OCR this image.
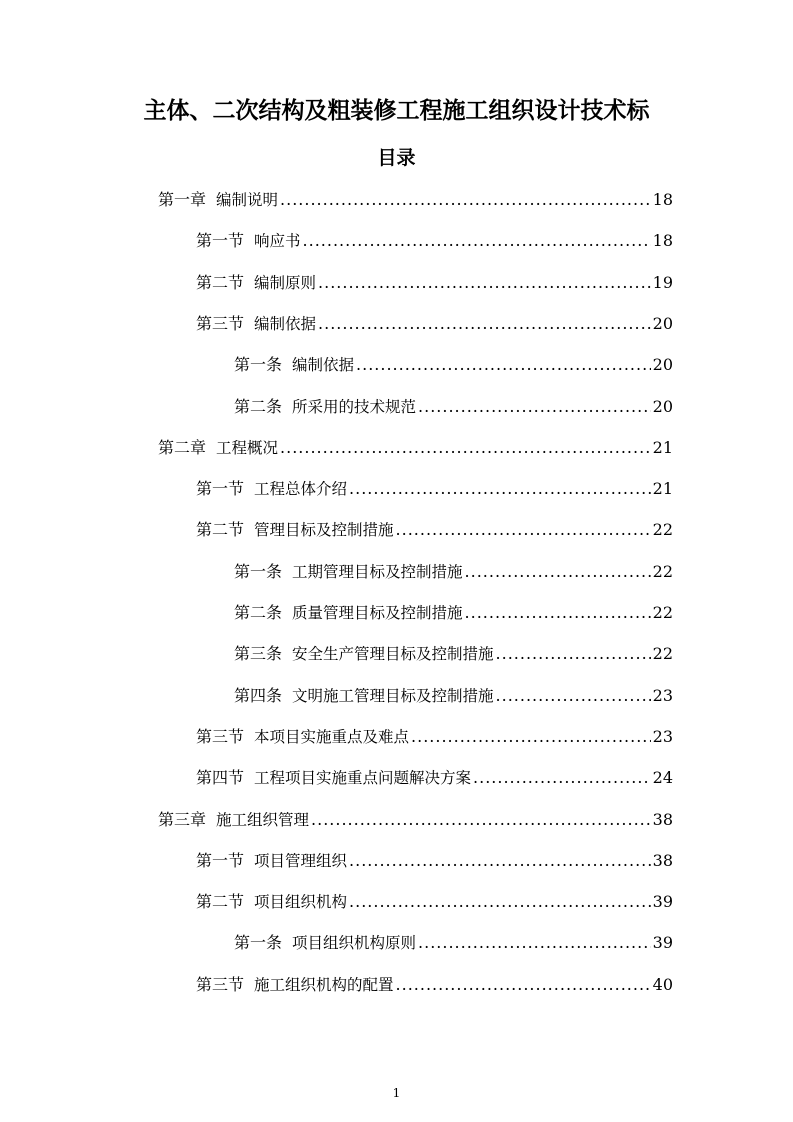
主体、二次结构及粗装修工程施工组织设计技术标
目录
第一章 编制说明 .....	18
第一节 响应书 .....	18
第二节 编制原则 .....	19
第三节 编制依据 .....	20
第一条 编制依据 .....	20
第二条 所采用的技术规范 .....	20
第二章 工程概况 .....	21
第一节 工程总体介绍 .....	21
第二节 管理目标及控制措施 .....	22
第一条 工期管理目标及控制措施 .....	22
第二条 质量管理目标及控制措施 .....	22
第三条 安全生产管理目标及控制措施 .....	22
第四条 文明施工管理目标及控制措施 .....	23
第三节 本项目实施重点及难点 .....	23
第四节 工程项目实施重点问题解决方案 .....	24
第三章 施工组织管理 .....	38
第一节 项目管理组织 .....	38
第二节 项目组织机构 .....	39
第一条 项目组织机构原则 .....	39
第三节 施工组织机构的配置 .....	40
1
